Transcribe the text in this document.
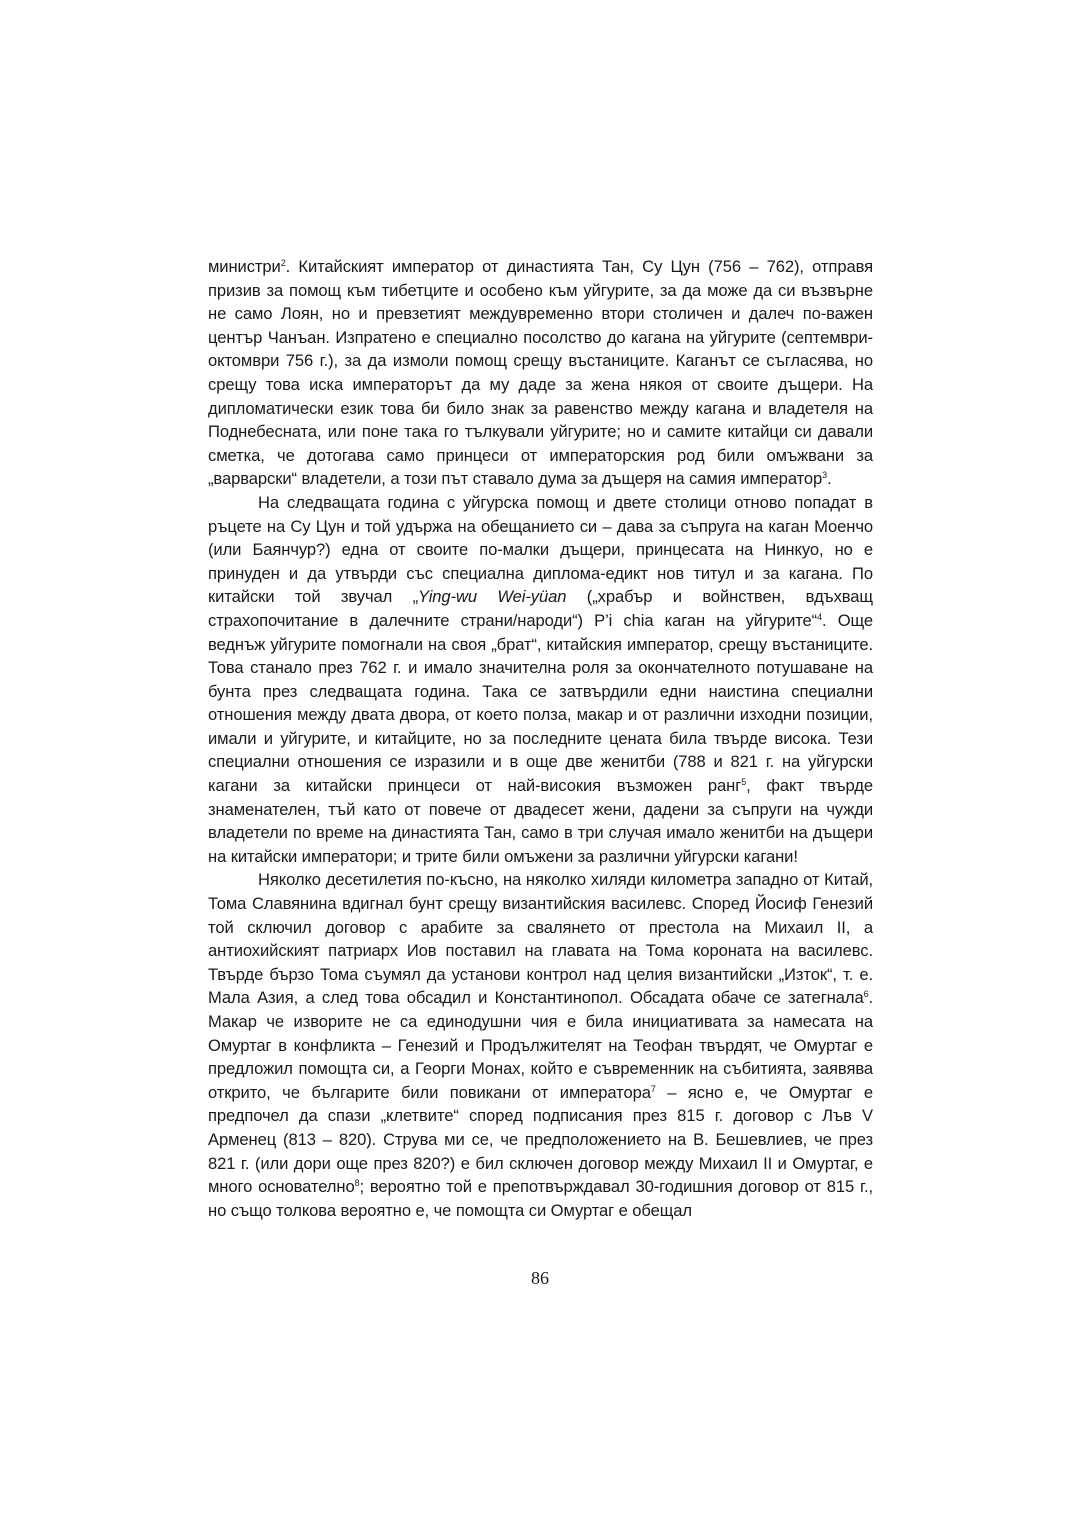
министри$^2$. Китайският император от династията Тан, Су Цун (756 – 762), отправя призив за помощ към тибетците и особено към уйгурите, за да може да си възвърне не само Лоян, но и превзетият междувременно втори столичен и далеч по-важен център Чанъан. Изпратено е специално посолство до кагана на уйгурите (септември-октомври 756 г.), за да измоли помощ срещу въстаниците. Каганът се съгласява, но срещу това иска императорът да му даде за жена някоя от своите дъщери. На дипломатически език това би било знак за равенство между кагана и владетеля на Поднебесната, или поне така го тълкували уйгурите; но и самите китайци си давали сметка, че дотогава само принцеси от императорския род били омъжвани за „варварски“ владетели, а този път ставало дума за дъщеря на самия император$^3$.

На следващата година с уйгурска помощ и двете столици отново попадат в ръцете на Су Цун и той удържа на обещанието си – дава за съпруга на каган Моенчо (или Баянчур?) една от своите по-малки дъщери, принцесата на Нинкуо, но е принуден и да утвърди със специална диплома-едикт нов титул и за кагана. По китайски той звучал „Ying-wu Wei-yüan („храбър и войнствен, вдъхващ страхопочитание в далечните страни/народи“) P’i chia каган на уйгурите“$^4$. Още веднъж уйгурите помогнали на своя „брат“, китайския император, срещу въстаниците. Това станало през 762 г. и имало значителна роля за окончателното потушаване на бунта през следващата година. Така се затвърдили едни наистина специални отношения между двата двора, от което полза, макар и от различни изходни позиции, имали и уйгурите, и китайците, но за последните цената била твърде висока. Тези специални отношения се изразили и в още две женитби (788 и 821 г. на уйгурски кагани за китайски принцеси от най-високия възможен ранг$^5$, факт твърде знаменателен, тъй като от повече от двадесет жени, дадени за съпруги на чужди владетели по време на династията Тан, само в три случая имало женитби на дъщери на китайски императори; и трите били омъжени за различни уйгурски кагани!

Няколко десетилетия по-късно, на няколко хиляди километра западно от Китай, Тома Славянина вдигнал бунт срещу византийския василевс. Според Йосиф Генезий той сключил договор с арабите за свалянето от престола на Михаил II, а антиохийският патриарх Иов поставил на главата на Тома короната на василевс. Твърде бързо Тома съумял да установи контрол над целия византийски „Изток“, т. е. Мала Азия, а след това обсадил и Константинопол. Обсадата обаче се затегнала$^6$. Макар че изворите не са единодушни чия е била инициативата за намесата на Омуртаг в конфликта – Генезий и Продължителят на Теофан твърдят, че Омуртаг е предложил помощта си, а Георги Монах, който е съвременник на събитията, заявява открито, че българите били повикани от императора$^7$ – ясно е, че Омуртаг е предпочел да спази „клетвите“ според подписания през 815 г. договор с Лъв V Арменец (813 – 820). Струва ми се, че предположението на В. Бешевлиев, че през 821 г. (или дори още през 820?) е бил сключен договор между Михаил II и Омуртаг, е много основателно$^8$; вероятно той е препотвърждавал 30-годишния договор от 815 г., но също толкова вероятно е, че помощта си Омуртаг е обещал

86
